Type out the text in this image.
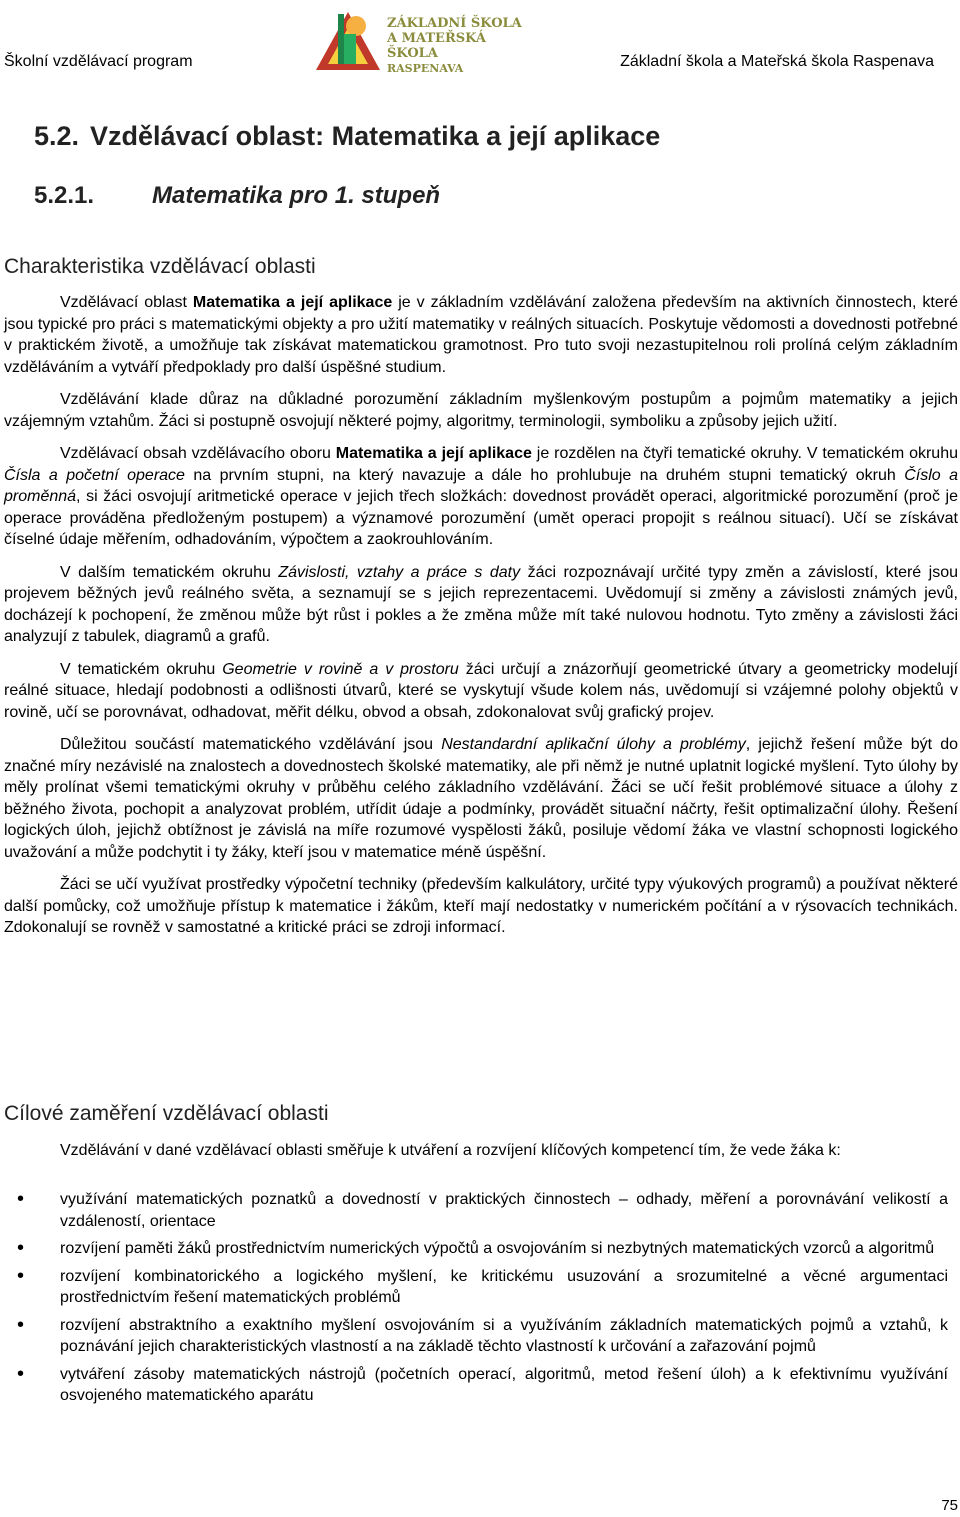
Školní vzdělávací program
ZÁKLADNÍ ŠKOLA
A MATEŘSKÁ ŠKOLA
RASPENAVA	Základní škola a Mateřská škola Raspenava
5.2. Vzdělávací oblast: Matematika a její aplikace
5.2.1. Matematika pro 1. stupeň
Charakteristika vzdělávací oblasti

Vzdělávací oblast Matematika a její aplikace je v základním vzdělávání založena především na aktivních činnostech, které jsou typické pro práci s matematickými objekty a pro užití matematiky v reálných situacích. Poskytuje vědomosti a dovednosti potřebné v praktickém životě, a umožňuje tak získávat matematickou gramotnost. Pro tuto svoji nezastupitelnou roli prolíná celým základním vzděláváním a vytváří předpoklady pro další úspěšné studium.

Vzdělávání klade důraz na důkladné porozumění základním myšlenkovým postupům a pojmům matematiky a jejich vzájemným vztahům. Žáci si postupně osvojují některé pojmy, algoritmy, terminologii, symboliku a způsoby jejich užití.

Vzdělávací obsah vzdělávacího oboru Matematika a její aplikace je rozdělen na čtyři tematické okruhy. V tematickém okruhu Čísla a početní operace na prvním stupni, na který navazuje a dále ho prohlubuje na druhém stupni tematický okruh Číslo a proměnná, si žáci osvojují aritmetické operace v jejich třech složkách: dovednost provádět operaci, algoritmické porozumění (proč je operace prováděna předloženým postupem) a významové porozumění (umět operaci propojit s reálnou situací). Učí se získávat číselné údaje měřením, odhadováním, výpočtem a zaokrouhlováním.

V dalším tematickém okruhu Závislosti, vztahy a práce s daty žáci rozpoznávají určité typy změn a závislostí, které jsou projevem běžných jevů reálného světa, a seznamují se s jejich reprezentacemi. Uvědomují si změny a závislosti známých jevů, docházejí k pochopení, že změnou může být růst i pokles a že změna může mít také nulovou hodnotu. Tyto změny a závislosti žáci analyzují z tabulek, diagramů a grafů.

V tematickém okruhu Geometrie v rovině a v prostoru žáci určují a znázorňují geometrické útvary a geometricky modelují reálné situace, hledají podobnosti a odlišnosti útvarů, které se vyskytují všude kolem nás, uvědomují si vzájemné polohy objektů v rovině, učí se porovnávat, odhadovat, měřit délku, obvod a obsah, zdokonalovat svůj grafický projev.

Důležitou součástí matematického vzdělávání jsou Nestandardní aplikační úlohy a problémy, jejichž řešení může být do značné míry nezávislé na znalostech a dovednostech školské matematiky, ale při němž je nutné uplatnit logické myšlení. Tyto úlohy by měly prolínat všemi tematickými okruhy v průběhu celého základního vzdělávání. Žáci se učí řešit problémové situace a úlohy z běžného života, pochopit a analyzovat problém, utřídit údaje a podmínky, provádět situační náčrty, řešit optimalizační úlohy. Řešení logických úloh, jejichž obtížnost je závislá na míře rozumové vyspělosti žáků, posiluje vědomí žáka ve vlastní schopnosti logického uvažování a může podchytit i ty žáky, kteří jsou v matematice méně úspěšní.

Žáci se učí využívat prostředky výpočetní techniky (především kalkulátory, určité typy výukových programů) a používat některé další pomůcky, což umožňuje přístup k matematice i žákům, kteří mají nedostatky v numerickém počítání a v rýsovacích technikách. Zdokonalují se rovněž v samostatné a kritické práci se zdroji informací.

Cílové zaměření vzdělávací oblasti

Vzdělávání v dané vzdělávací oblasti směřuje k utváření a rozvíjení klíčových kompetencí tím, že vede žáka k:

• využívání matematických poznatků a dovedností v praktických činnostech – odhady, měření a porovnávání velikostí a vzdáleností, orientace
• rozvíjení paměti žáků prostřednictvím numerických výpočtů a osvojováním si nezbytných matematických vzorců a algoritmů
• rozvíjení kombinatorického a logického myšlení, ke kritickému usuzování a srozumitelné a věcné argumentaci prostřednictvím řešení matematických problémů
• rozvíjení abstraktního a exaktního myšlení osvojováním si a využíváním základních matematických pojmů a vztahů, k poznávání jejich charakteristických vlastností a na základě těchto vlastností k určování a zařazování pojmů
• vytváření zásoby matematických nástrojů (početních operací, algoritmů, metod řešení úloh) a k efektivnímu využívání osvojeného matematického aparátu
75
